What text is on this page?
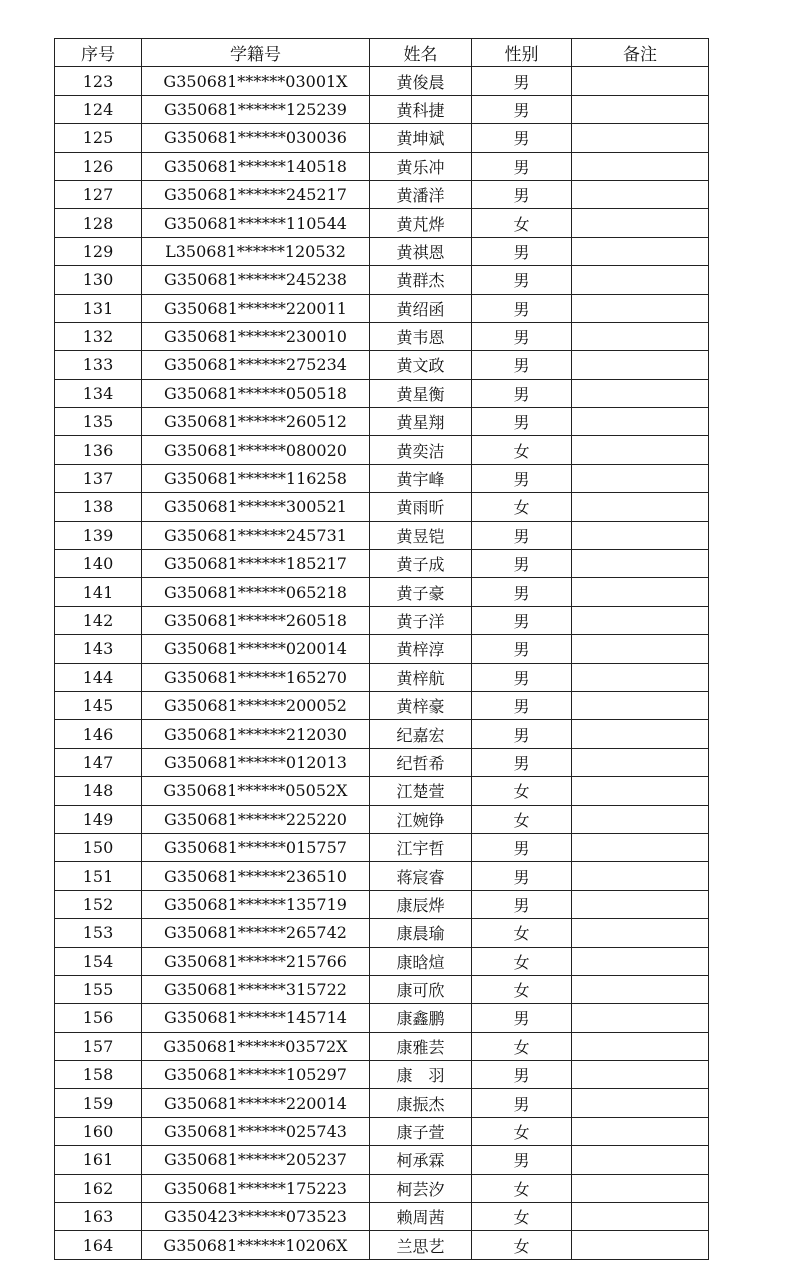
序号	学籍号	姓名	性别	备注
123	G350681******03001X	黄俊晨	男	
124	G350681******125239	黄科捷	男	
125	G350681******030036	黄坤斌	男	
126	G350681******140518	黄乐冲	男	
127	G350681******245217	黄潘洋	男	
128	G350681******110544	黄芃烨	女	
129	L350681******120532	黄祺恩	男	
130	G350681******245238	黄群杰	男	
131	G350681******220011	黄绍函	男	
132	G350681******230010	黄韦恩	男	
133	G350681******275234	黄文政	男	
134	G350681******050518	黄星衡	男	
135	G350681******260512	黄星翔	男	
136	G350681******080020	黄奕洁	女	
137	G350681******116258	黄宇峰	男	
138	G350681******300521	黄雨昕	女	
139	G350681******245731	黄昱铠	男	
140	G350681******185217	黄子成	男	
141	G350681******065218	黄子豪	男	
142	G350681******260518	黄子洋	男	
143	G350681******020014	黄梓淳	男	
144	G350681******165270	黄梓航	男	
145	G350681******200052	黄梓豪	男	
146	G350681******212030	纪嘉宏	男	
147	G350681******012013	纪哲希	男	
148	G350681******05052X	江楚萱	女	
149	G350681******225220	江婉铮	女	
150	G350681******015757	江宇哲	男	
151	G350681******236510	蒋宸睿	男	
152	G350681******135719	康辰烨	男	
153	G350681******265742	康晨瑜	女	
154	G350681******215766	康晗煊	女	
155	G350681******315722	康可欣	女	
156	G350681******145714	康鑫鹏	男	
157	G350681******03572X	康雅芸	女	
158	G350681******105297	康　羽	男	
159	G350681******220014	康振杰	男	
160	G350681******025743	康子萱	女	
161	G350681******205237	柯承霖	男	
162	G350681******175223	柯芸汐	女	
163	G350423******073523	赖周茜	女	
164	G350681******10206X	兰思艺	女	
